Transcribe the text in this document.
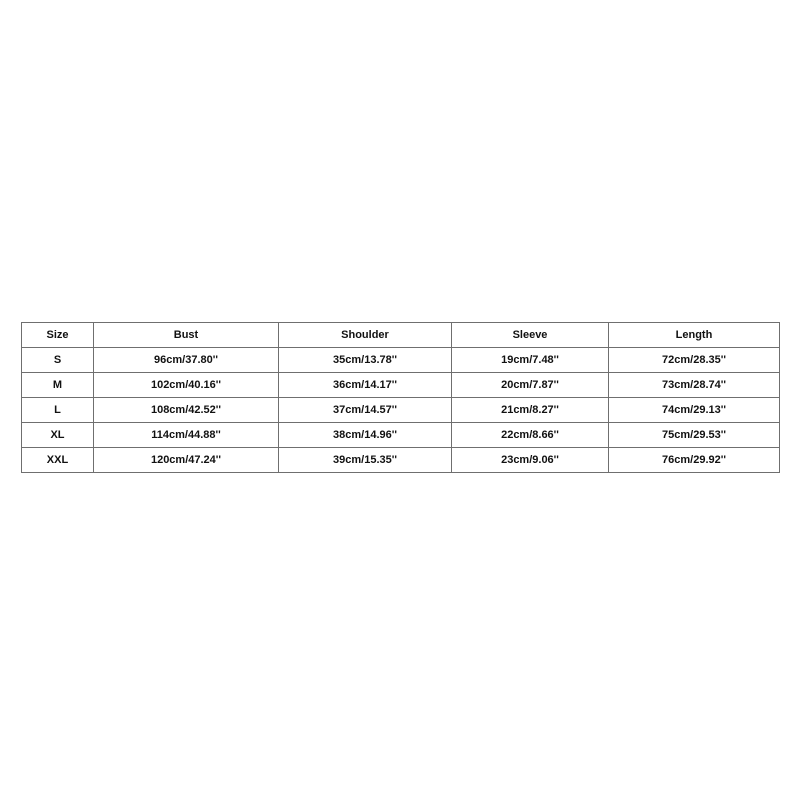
Size	Bust	Shoulder	Sleeve	Length
S	96cm/37.80''	35cm/13.78''	19cm/7.48''	72cm/28.35''
M	102cm/40.16''	36cm/14.17''	20cm/7.87''	73cm/28.74''
L	108cm/42.52''	37cm/14.57''	21cm/8.27''	74cm/29.13''
XL	114cm/44.88''	38cm/14.96''	22cm/8.66''	75cm/29.53''
XXL	120cm/47.24''	39cm/15.35''	23cm/9.06''	76cm/29.92''
